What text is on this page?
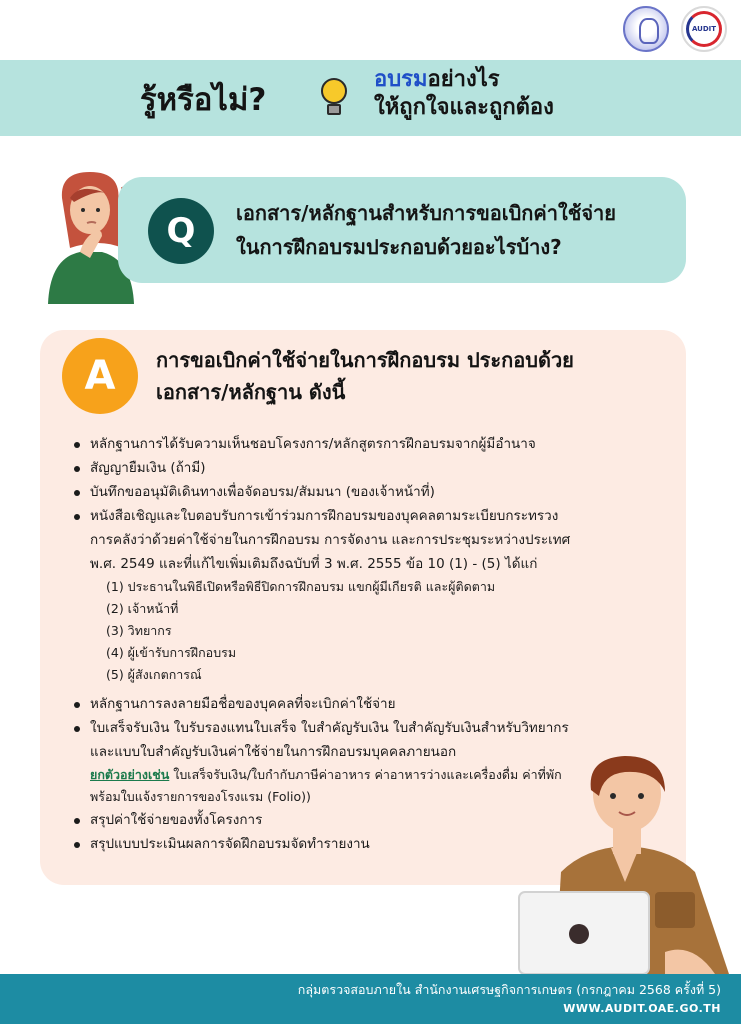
AUDIT
รู้หรือไม่?
อบรมอย่างไร
ให้ถูกใจและถูกต้อง
Q	เอกสาร/หลักฐานสำหรับการขอเบิกค่าใช้จ่าย
ในการฝึกอบรมประกอบด้วยอะไรบ้าง?
A	การขอเบิกค่าใช้จ่ายในการฝึกอบรม ประกอบด้วย
เอกสาร/หลักฐาน ดังนี้
หลักฐานการได้รับความเห็นชอบโครงการ/หลักสูตรการฝึกอบรมจากผู้มีอำนาจ
สัญญายืมเงิน (ถ้ามี)
บันทึกขออนุมัติเดินทางเพื่อจัดอบรม/สัมมนา (ของเจ้าหน้าที่)
หนังสือเชิญและใบตอบรับการเข้าร่วมการฝึกอบรมของบุคคลตามระเบียบกระทรวง
การคลังว่าด้วยค่าใช้จ่ายในการฝึกอบรม การจัดงาน และการประชุมระหว่างประเทศ
พ.ศ. 2549 และที่แก้ไขเพิ่มเติมถึงฉบับที่ 3 พ.ศ. 2555 ข้อ 10 (1) - (5) ได้แก่
(1) ประธานในพิธีเปิดหรือพิธีปิดการฝึกอบรม แขกผู้มีเกียรติ และผู้ติดตาม
(2) เจ้าหน้าที่
(3) วิทยากร
(4) ผู้เข้ารับการฝึกอบรม
(5) ผู้สังเกตการณ์
หลักฐานการลงลายมือชื่อของบุคคลที่จะเบิกค่าใช้จ่าย
ใบเสร็จรับเงิน ใบรับรองแทนใบเสร็จ ใบสำคัญรับเงิน ใบสำคัญรับเงินสำหรับวิทยากร
และแบบใบสำคัญรับเงินค่าใช้จ่ายในการฝึกอบรมบุคคลภายนอก
ยกตัวอย่างเช่น ใบเสร็จรับเงิน/ใบกำกับภาษีค่าอาหาร ค่าอาหารว่างและเครื่องดื่ม ค่าที่พัก
พร้อมใบแจ้งรายการของโรงแรม (Folio))
สรุปค่าใช้จ่ายของทั้งโครงการ
สรุปแบบประเมินผลการจัดฝึกอบรมจัดทำรายงาน
กลุ่มตรวจสอบภายใน สำนักงานเศรษฐกิจการเกษตร (กรกฎาคม 2568 ครั้งที่ 5)
WWW.AUDIT.OAE.GO.TH
